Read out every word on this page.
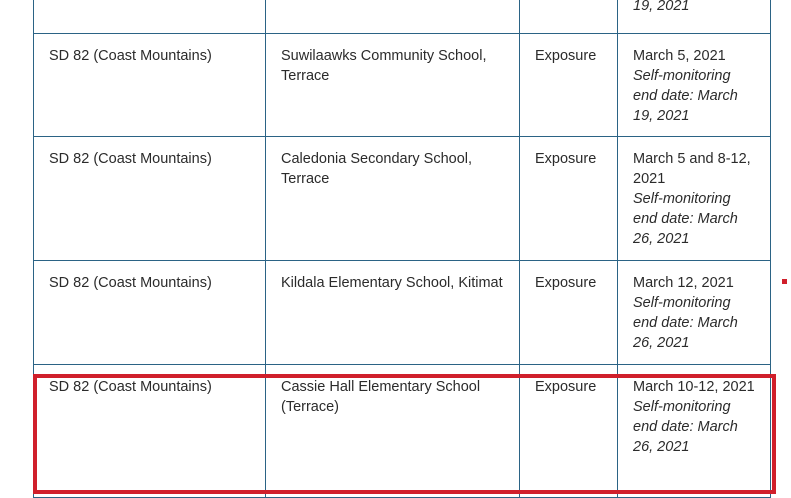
			19, 2021

SD 82 (Coast Mountains)	Suwilaawks Community School, Terrace	Exposure	March 5, 2021
Self-monitoring end date: March 19, 2021

SD 82 (Coast Mountains)	Caledonia Secondary School, Terrace	Exposure	March 5 and 8-12, 2021
Self-monitoring end date: March 26, 2021

SD 82 (Coast Mountains)	Kildala Elementary School, Kitimat	Exposure	March 12, 2021
Self-monitoring end date: March 26, 2021

SD 82 (Coast Mountains)	Cassie Hall Elementary School (Terrace)	Exposure	March 10-12, 2021
Self-monitoring end date: March 26, 2021
